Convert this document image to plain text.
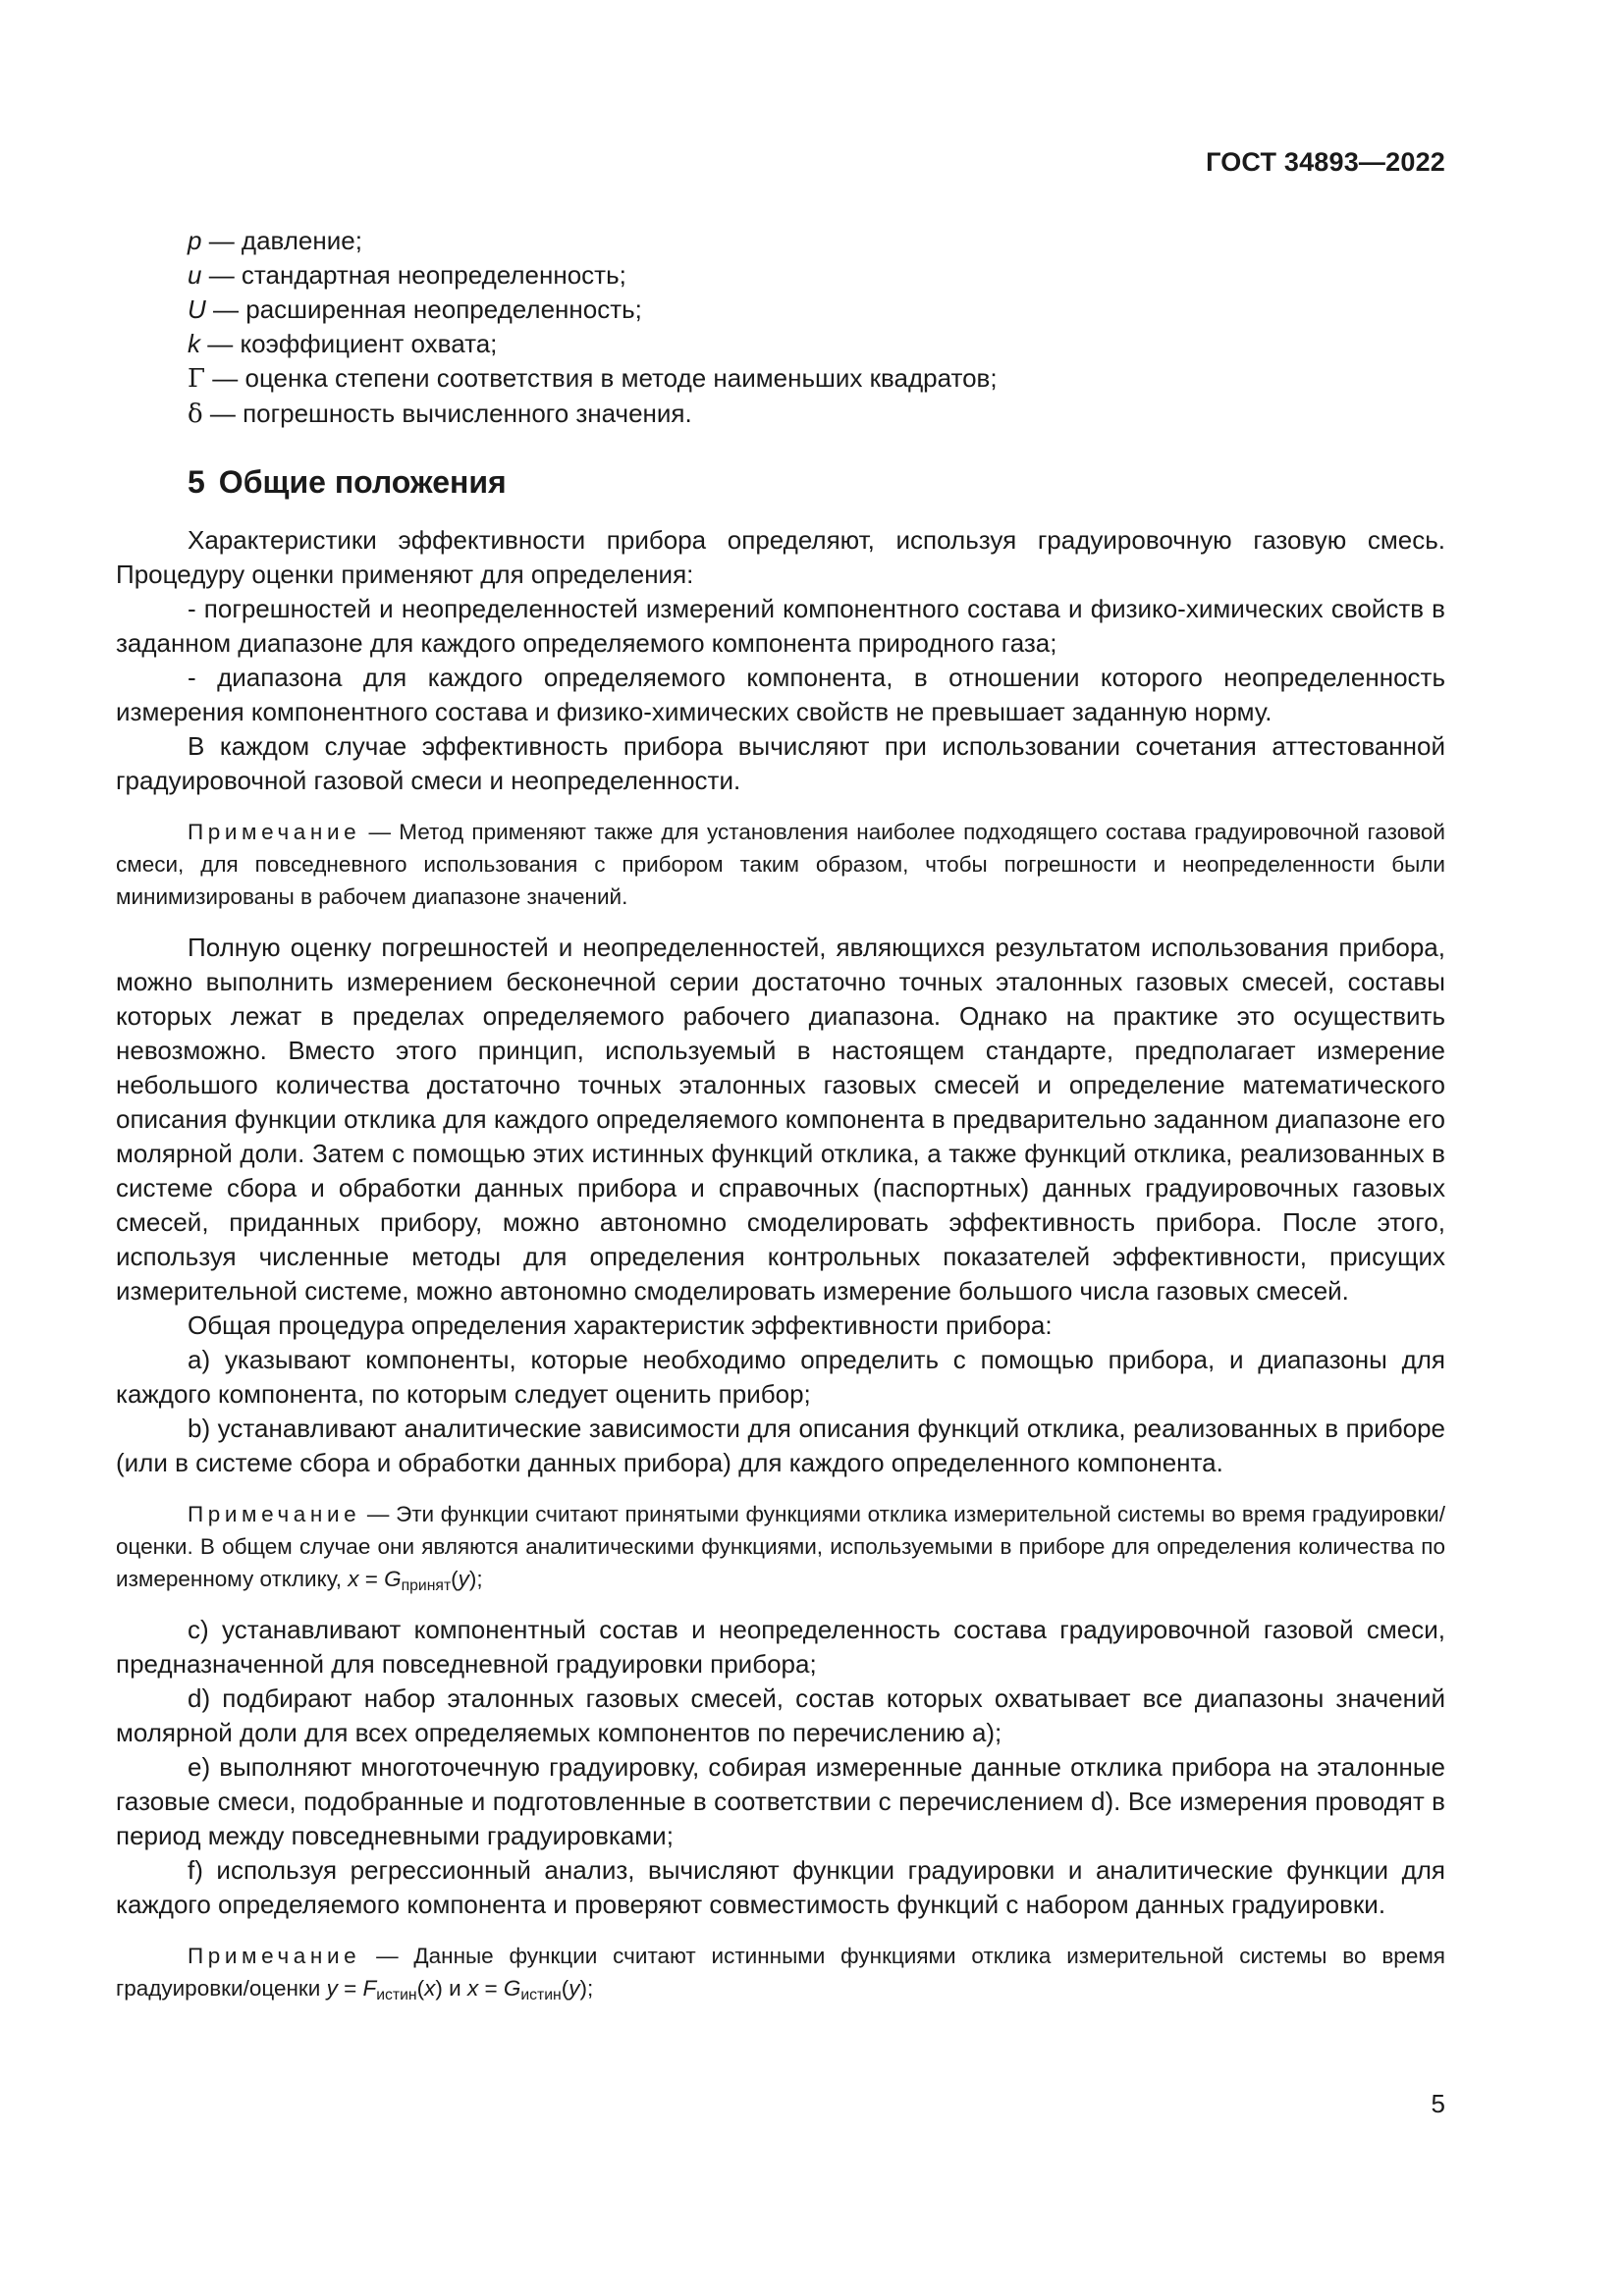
ГОСТ 34893—2022
p — давление;
u — стандартная неопределенность;
U — расширенная неопределенность;
k — коэффициент охвата;
Γ — оценка степени соответствия в методе наименьших квадратов;
δ — погрешность вычисленного значения.
5 Общие положения

Характеристики эффективности прибора определяют, используя градуировочную газовую смесь. Процедуру оценки применяют для определения:

- погрешностей и неопределенностей измерений компонентного состава и физико-химических свойств в заданном диапазоне для каждого определяемого компонента природного газа;

- диапазона для каждого определяемого компонента, в отношении которого неопределенность измерения компонентного состава и физико-химических свойств не превышает заданную норму.

В каждом случае эффективность прибора вычисляют при использовании сочетания аттестованной градуировочной газовой смеси и неопределенности.

Примечание — Метод применяют также для установления наиболее подходящего состава градуировочной газовой смеси, для повседневного использования с прибором таким образом, чтобы погрешности и неопределенности были минимизированы в рабочем диапазоне значений.

Полную оценку погрешностей и неопределенностей, являющихся результатом использования прибора, можно выполнить измерением бесконечной серии достаточно точных эталонных газовых смесей, составы которых лежат в пределах определяемого рабочего диапазона. Однако на практике это осуществить невозможно. Вместо этого принцип, используемый в настоящем стандарте, предполагает измерение небольшого количества достаточно точных эталонных газовых смесей и определение математического описания функции отклика для каждого определяемого компонента в предварительно заданном диапазоне его молярной доли. Затем с помощью этих истинных функций отклика, а также функций отклика, реализованных в системе сбора и обработки данных прибора и справочных (паспортных) данных градуировочных газовых смесей, приданных прибору, можно автономно смоделировать эффективность прибора. После этого, используя численные методы для определения контрольных показателей эффективности, присущих измерительной системе, можно автономно смоделировать измерение большого числа газовых смесей.

Общая процедура определения характеристик эффективности прибора:

a) указывают компоненты, которые необходимо определить с помощью прибора, и диапазоны для каждого компонента, по которым следует оценить прибор;

b) устанавливают аналитические зависимости для описания функций отклика, реализованных в приборе (или в системе сбора и обработки данных прибора) для каждого определенного компонента.

Примечание — Эти функции считают принятыми функциями отклика измерительной системы во время градуировки/оценки. В общем случае они являются аналитическими функциями, используемыми в приборе для определения количества по измеренному отклику, $x = G_{принят}(y)$;

c) устанавливают компонентный состав и неопределенность состава градуировочной газовой смеси, предназначенной для повседневной градуировки прибора;

d) подбирают набор эталонных газовых смесей, состав которых охватывает все диапазоны значений молярной доли для всех определяемых компонентов по перечислению a);

e) выполняют многоточечную градуировку, собирая измеренные данные отклика прибора на эталонные газовые смеси, подобранные и подготовленные в соответствии с перечислением d). Все измерения проводят в период между повседневными градуировками;

f) используя регрессионный анализ, вычисляют функции градуировки и аналитические функции для каждого определяемого компонента и проверяют совместимость функций с набором данных градуировки.

Примечание — Данные функции считают истинными функциями отклика измерительной системы во время градуировки/оценки $y = F_{истин}(x)$ и $x = G_{истин}(y)$;
5
